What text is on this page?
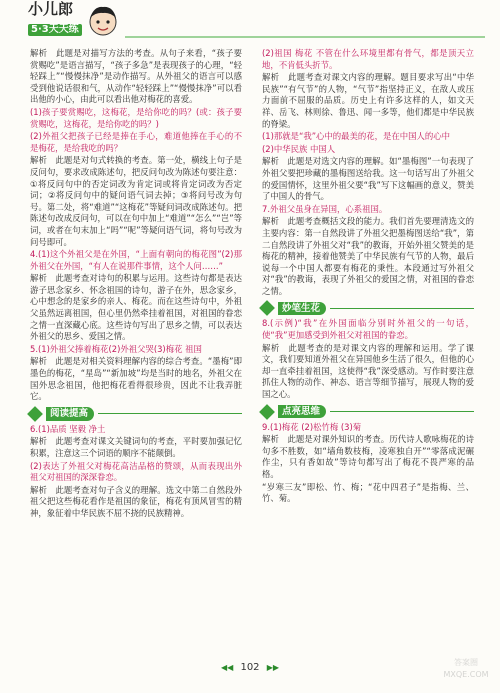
小儿郎
5·3天天练

解析　此题是对描写方法的考查。从句子来看，“孩子要赏赐吃”是语言描写，“孩子多急”是表现孩子的心理，“轻轻踩上”“慢慢抹净”是动作描写。从外祖父的语言可以感受到他说话很和气，从动作“轻轻踩上”“慢慢抹净”可以看出他的小心，由此可以看出他对梅花的喜爱。

(1)孩子要赏赐吃，这梅花，是给你吃的吗？(或：孩子要赏赐吃，这梅花，是给你吃的吗？)

(2)外祖父把孩子已经是捧在手心，难道他捧在手心的不是梅花，是给我吃的吗？

解析　此题是对句式转换的考查。第一处，横线上句子是反问句，要求改成陈述句，把反问句改为陈述句要注意：①将反问句中的否定词改为肯定词或将肯定词改为否定词；②将反问句中的疑问语气词去掉；③将问号改为句号。第二处，将“难道”“这梅花”等疑问词改成陈述句。把陈述句改成反问句，可以在句中加上“难道”“怎么”“岂”等词，或者在句末加上“吗”“呢”等疑问语气词，将句号改为问号即可。

4.(1)这个外祖父是在外国，“上面有朝向的梅花图”(2)那外祖父在外国，“有人在说那件事情，这个人问……”

解析　此题考查对诗句的积累与运用。这些诗句都是表达游子思念家乡、怀念祖国的诗句，游子在外，思念家乡，心中想念的是家乡的亲人、梅花。而在这些诗句中，外祖父虽然远离祖国，但心里仍然牵挂着祖国，对祖国的眷恋之情一直深藏心底。这些诗句写出了思乡之情，可以表达外祖父的思乡、爱国之情。

5.(1)外祖父捧着梅花(2)外祖父哭(3)梅花 祖国

解析　此题是对相关资料理解内容的综合考查。“墨梅”即墨色的梅花，“星岛”“新加坡”均是当时的地名，外祖父在国外思念祖国，他把梅花看得很珍贵，因此不让我弄脏它。

阅读提高

6.(1)品质 坚毅 净土

解析　此题考查对课文关键词句的考查，平时要加强记忆积累，注意这三个词语的顺序不能颠倒。

(2)表达了外祖父对梅花高洁品格的赞颂，从而表现出外祖父对祖国的深深眷恋。

解析　此题考查对句子含义的理解。选文中第二自然段外祖父把这些梅花看作是祖国的象征，梅花有顶风冒雪的精神，象征着中华民族不屈不挠的民族精神。

(2)祖国 梅花 不管在什么环境里都有骨气，都是顶天立地，不肯低头折节。

解析　此题考查对课文内容的理解。题目要求写出“中华民族”“有气节”的人物，“气节”指坚持正义，在敌人或压力面前不屈服的品质。历史上有许多这样的人，如文天祥、岳飞、林则徐、鲁迅、闻一多等，他们都是中华民族的脊梁。

(1)那就是“我”心中的最美的花，是在中国人的心中

(2)中华民族 中国人

解析　此题是对选文内容的理解。如“墨梅图”一句表现了外祖父要把珍藏的墨梅图送给我。这一句话写出了外祖父的爱国情怀，这里外祖父要“我”写下这幅画的意义，赞美了中国人的骨气。

7.外祖父虽身在异国，心系祖国。

解析　此题考查概括文段的能力。我们首先要理清选文的主要内容：第一自然段讲了外祖父把墨梅图送给“我”，第二自然段讲了外祖父对“我”的教诲，开始外祖父赞美的是梅花的精神，接着他赞美了中华民族有气节的人物，最后说每一个中国人都要有梅花的秉性。本段通过写外祖父对“我”的教诲，表现了外祖父的爱国之情，对祖国的眷恋之情。

妙笔生花

8.(示例)“我”在外国面临分别时外祖父的一句话，使“我”更加感受到外祖父对祖国的眷恋。

解析　此题考查的是对课文内容的理解和运用。学了课文，我们要知道外祖父在异国他乡生活了很久，但他的心却一直牵挂着祖国，这使得“我”深受感动。写作时要注意抓住人物的动作、神态、语言等细节描写，展现人物的爱国之心。

点亮思维

9.(1)梅花 (2)松竹梅 (3)菊

解析　此题是对课外知识的考查。历代诗人歌咏梅花的诗句多不胜数，如“墙角数枝梅，凌寒独自开”“零落成泥碾作尘，只有香如故”等诗句都写出了梅花不畏严寒的品格。

“岁寒三友”即松、竹、梅；“花中四君子”是指梅、兰、竹、菊。

◀◀ 102 ▶▶
答案圈 MXQE.COM
